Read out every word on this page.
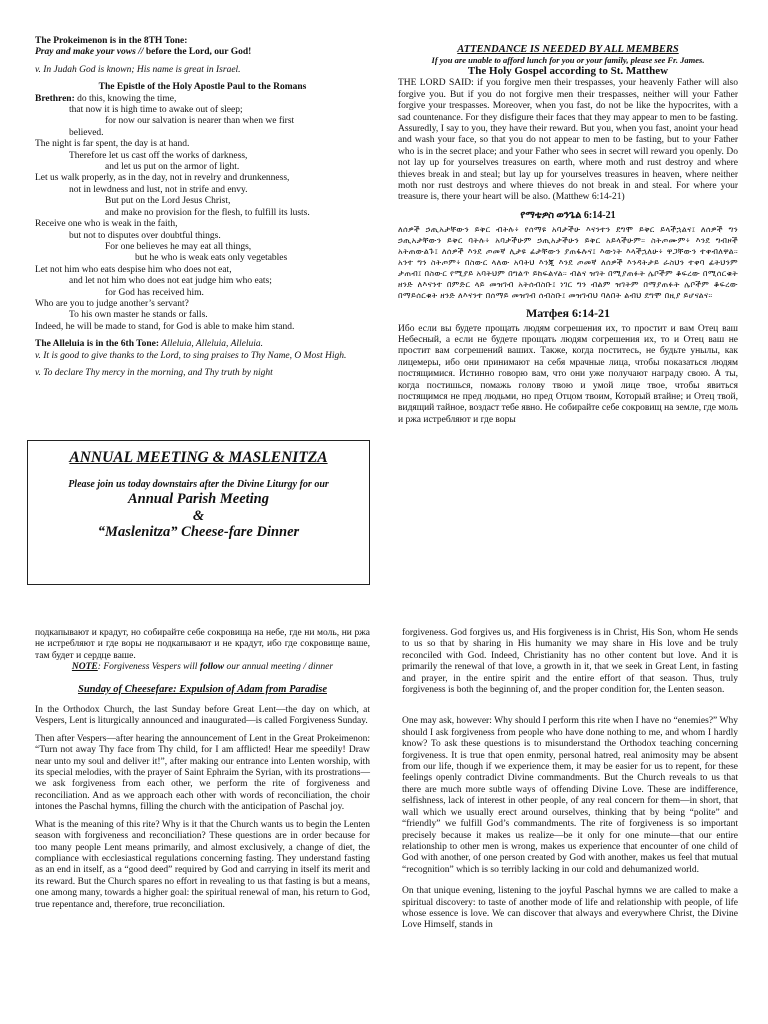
The Prokeimenon is in the 8TH Tone:

Pray and make your vows // before the Lord, our God!

v. In Judah God is known; His name is great in Israel.

The Epistle of the Holy Apostle Paul to the Romans

Brethren: do this, knowing the time,

that now it is high time to awake out of sleep;

for now our salvation is nearer than when we first

believed.

The night is far spent, the day is at hand.

Therefore let us cast off the works of darkness,

and let us put on the armor of light.

Let us walk properly, as in the day, not in revelry and drunkenness,

not in lewdness and lust, not in strife and envy.

But put on the Lord Jesus Christ,

and make no provision for the flesh, to fulfill its lusts.

Receive one who is weak in the faith,

but not to disputes over doubtful things.

For one believes he may eat all things,

but he who is weak eats only vegetables

Let not him who eats despise him who does not eat,

and let not him who does not eat judge him who eats;

for God has received him.

Who are you to judge another’s servant?

To his own master he stands or falls.

Indeed, he will be made to stand, for God is able to make him stand.

The Alleluia is in the 6th Tone: Alleluia, Alleluia, Alleluia.

v. It is good to give thanks to the Lord, to sing praises to Thy Name, O Most High.

v. To declare Thy mercy in the morning, and Thy truth by night

ANNUAL MEETING & MASLENITZA

Please join us today downstairs after the Divine Liturgy for our

Annual Parish Meeting

&

“Maslenitza” Cheese-fare Dinner

ATTENDANCE IS NEEDED BY ALL MEMBERS

If you are unable to afford lunch for you or your family, please see Fr. James.

The Holy Gospel according to St. Matthew

THE LORD SAID: if you forgive men their trespasses, your heavenly Father will also forgive you. But if you do not forgive men their trespasses, neither will your Father forgive your trespasses. Moreover, when you fast, do not be like the hypocrites, with a sad countenance. For they disfigure their faces that they may appear to men to be fasting. Assuredly, I say to you, they have their reward. But you, when you fast, anoint your head and wash your face, so that you do not appear to men to be fasting, but to your Father who is in the secret place; and your Father who sees in secret will reward you openly. Do not lay up for yourselves treasures on earth, where moth and rust destroy and where thieves break in and steal; but lay up for yourselves treasures in heaven, where neither moth nor rust destroys and where thieves do not break in and steal. For where your treasure is, there your heart will be also. (Matthew 6:14-21)

የማቴዎስ ወንጌል 6:14-21

ለሰዎች ኃጢአታቸውን ይቅር ብትሉ፥ የሰማዩ አባታችሁ እናንተን ደግሞ ይቅር ይላችኋልና፤ ለሰዎች ግን ኃጢአታቸውን ይቅር ባትሉ፥ አባታችሁም ኃጢአታችሁን ይቅር አይላችሁም። ስትጦሙም፥ እንደ ግብዞች አትጠውልጉ፤ ለሰዎች እንደ ጦመኛ ሊታዩ ፊታቸውን ያጠፋሉና፤ እውነት እላችኋለሁ፥ ዋጋቸውን ተቀብለዋል። አንተ ግን ስትጦም፥ በስውር ላለው አባትህ እንጂ እንደ ጦመኛ ለሰዎች እንዳትታይ ራስህን ተቀባ ፊትህንም ታጠብ፤ በስውር የሚያይ አባትህም በግልጥ ይከፍልሃል። ብልና ዝገት በሚያጠፉት ሌቦችም ቆፍረው በሚሰርቁት ዘንድ ለእናንተ በምድር ላይ መዝገብ አትሰብስቡ፤ ነገር ግን ብልም ዝገትም በማያጠፉት ሌቦችም ቆፍረው በማይሰርቁት ዘንድ ለእናንተ በሰማይ መዝገብ ሰብስቡ፤ መዝገብህ ባለበት ልብህ ደግሞ በዚያ ይሆናልና።

Матфея 6:14-21

Ибо если вы будете прощать людям согрешения их, то простит и вам Отец ваш Небесный, а если не будете прощать людям согрешения их, то и Отец ваш не простит вам согрешений ваших. Также, когда поститесь, не будьте унылы, как лицемеры, ибо они принимают на себя мрачные лица, чтобы показаться людям постящимися. Истинно говорю вам, что они уже получают награду свою. А ты, когда постишься, помажь голову твою и умой лице твое, чтобы явиться постящимся не пред людьми, но пред Отцом твоим, Который втайне; и Отец твой, видящий тайное, воздаст тебе явно. Не собирайте себе сокровищ на земле, где моль и ржа истребляют и где воры

подкапывают и крадут, но собирайте себе сокровища на небе, где ни моль, ни ржа не истребляют и где воры не подкапывают и не крадут, ибо где сокровище ваше, там будет и сердце ваше.

NOTE: Forgiveness Vespers will follow our annual meeting / dinner

Sunday of Cheesefare: Expulsion of Adam from Paradise

In the Orthodox Church, the last Sunday before Great Lent—the day on which, at Vespers, Lent is liturgically announced and inaugurated—is called Forgiveness Sunday.

Then after Vespers—after hearing the announcement of Lent in the Great Prokeimenon: “Turn not away Thy face from Thy child, for I am afflicted! Hear me speedily! Draw near unto my soul and deliver it!”, after making our entrance into Lenten worship, with its special melodies, with the prayer of Saint Ephraim the Syrian, with its prostrations—we ask forgiveness from each other, we perform the rite of forgiveness and reconciliation. And as we approach each other with words of reconciliation, the choir intones the Paschal hymns, filling the church with the anticipation of Paschal joy.

What is the meaning of this rite? Why is it that the Church wants us to begin the Lenten season with forgiveness and reconciliation? These questions are in order because for too many people Lent means primarily, and almost exclusively, a change of diet, the compliance with ecclesiastical regulations concerning fasting. They understand fasting as an end in itself, as a “good deed” required by God and carrying in itself its merit and its reward. But the Church spares no effort in revealing to us that fasting is but a means, one among many, towards a higher goal: the spiritual renewal of man, his return to God, true repentance and, therefore, true reconciliation.

forgiveness. God forgives us, and His forgiveness is in Christ, His Son, whom He sends to us so that by sharing in His humanity we may share in His love and be truly reconciled with God. Indeed, Christianity has no other content but love. And it is primarily the renewal of that love, a growth in it, that we seek in Great Lent, in fasting and prayer, in the entire spirit and the entire effort of that season. Thus, truly forgiveness is both the beginning of, and the proper condition for, the Lenten season.

One may ask, however: Why should I perform this rite when I have no “enemies?” Why should I ask forgiveness from people who have done nothing to me, and whom I hardly know? To ask these questions is to misunderstand the Orthodox teaching concerning forgiveness. It is true that open enmity, personal hatred, real animosity may be absent from our life, though if we experience them, it may be easier for us to repent, for these feelings openly contradict Divine commandments. But the Church reveals to us that there are much more subtle ways of offending Divine Love. These are indifference, selfishness, lack of interest in other people, of any real concern for them—in short, that wall which we usually erect around ourselves, thinking that by being “polite” and “friendly” we fulfill God’s commandments. The rite of forgiveness is so important precisely because it makes us realize—be it only for one minute—that our entire relationship to other men is wrong, makes us experience that encounter of one child of God with another, of one person created by God with another, makes us feel that mutual “recognition” which is so terribly lacking in our cold and dehumanized world.

On that unique evening, listening to the joyful Paschal hymns we are called to make a spiritual discovery: to taste of another mode of life and relationship with people, of life whose essence is love. We can discover that always and everywhere Christ, the Divine Love Himself, stands in
